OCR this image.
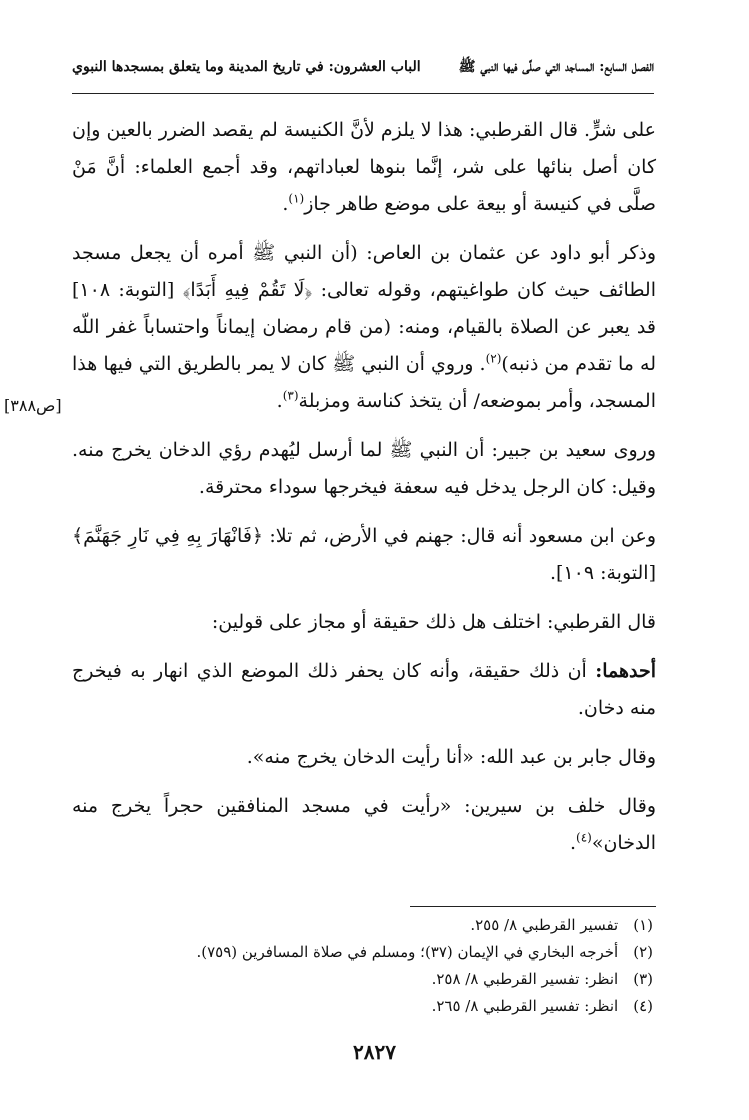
الفصل السابع: المساجد التي صلَّى فيها النبي ﷺ
الباب العشرون: في تاريخ المدينة وما يتعلق بمسجدها النبوي

على شرٍّ. قال القرطبي: هذا لا يلزم لأنَّ الكنيسة لم يقصد الضرر بالعين وإن كان أصل بنائها على شر، إنَّما بنوها لعباداتهم، وقد أجمع العلماء: أنَّ مَنْ صلَّى في كنيسة أو بيعة على موضع طاهر جاز$^{(١)}$.

وذكر أبو داود عن عثمان بن العاص: (أن النبي ﷺ أمره أن يجعل مسجد الطائف حيث كان طواغيتهم، وقوله تعالى: ﴿لَا تَقُمْ فِيهِ أَبَدًا﴾ [التوبة: ١٠٨] قد يعبر عن الصلاة بالقيام، ومنه: (من قام رمضان إيماناً واحتساباً غفر اللّه له ما تقدم من ذنبه)$^{(٢)}$. وروي أن النبي ﷺ كان لا يمر بالطريق التي فيها هذا المسجد، وأمر بموضعه/ أن يتخذ كناسة ومزبلة$^{(٣)}$.

وروى سعيد بن جبير: أن النبي ﷺ لما أرسل ليُهدم رؤي الدخان يخرج منه. وقيل: كان الرجل يدخل فيه سعفة فيخرجها سوداء محترقة.

وعن ابن مسعود أنه قال: جهنم في الأرض، ثم تلا: ﴿فَانْهَارَ بِهِ فِي نَارِ جَهَنَّمَ﴾ [التوبة: ١٠٩].

قال القرطبي: اختلف هل ذلك حقيقة أو مجاز على قولين:

أحدهما: أن ذلك حقيقة، وأنه كان يحفر ذلك الموضع الذي انهار به فيخرج منه دخان.

وقال جابر بن عبد الله: «أنا رأيت الدخان يخرج منه».

وقال خلف بن سيرين: «رأيت في مسجد المنافقين حجراً يخرج منه الدخان»$^{(٤)}$.

[ص٣٨٨]
(١) تفسير القرطبي ٨/ ٢٥٥.
(٢) أخرجه البخاري في الإيمان (٣٧)؛ ومسلم في صلاة المسافرين (٧٥٩).
(٣) انظر: تفسير القرطبي ٨/ ٢٥٨.
(٤) انظر: تفسير القرطبي ٨/ ٢٦٥.
٢٨٢٧
